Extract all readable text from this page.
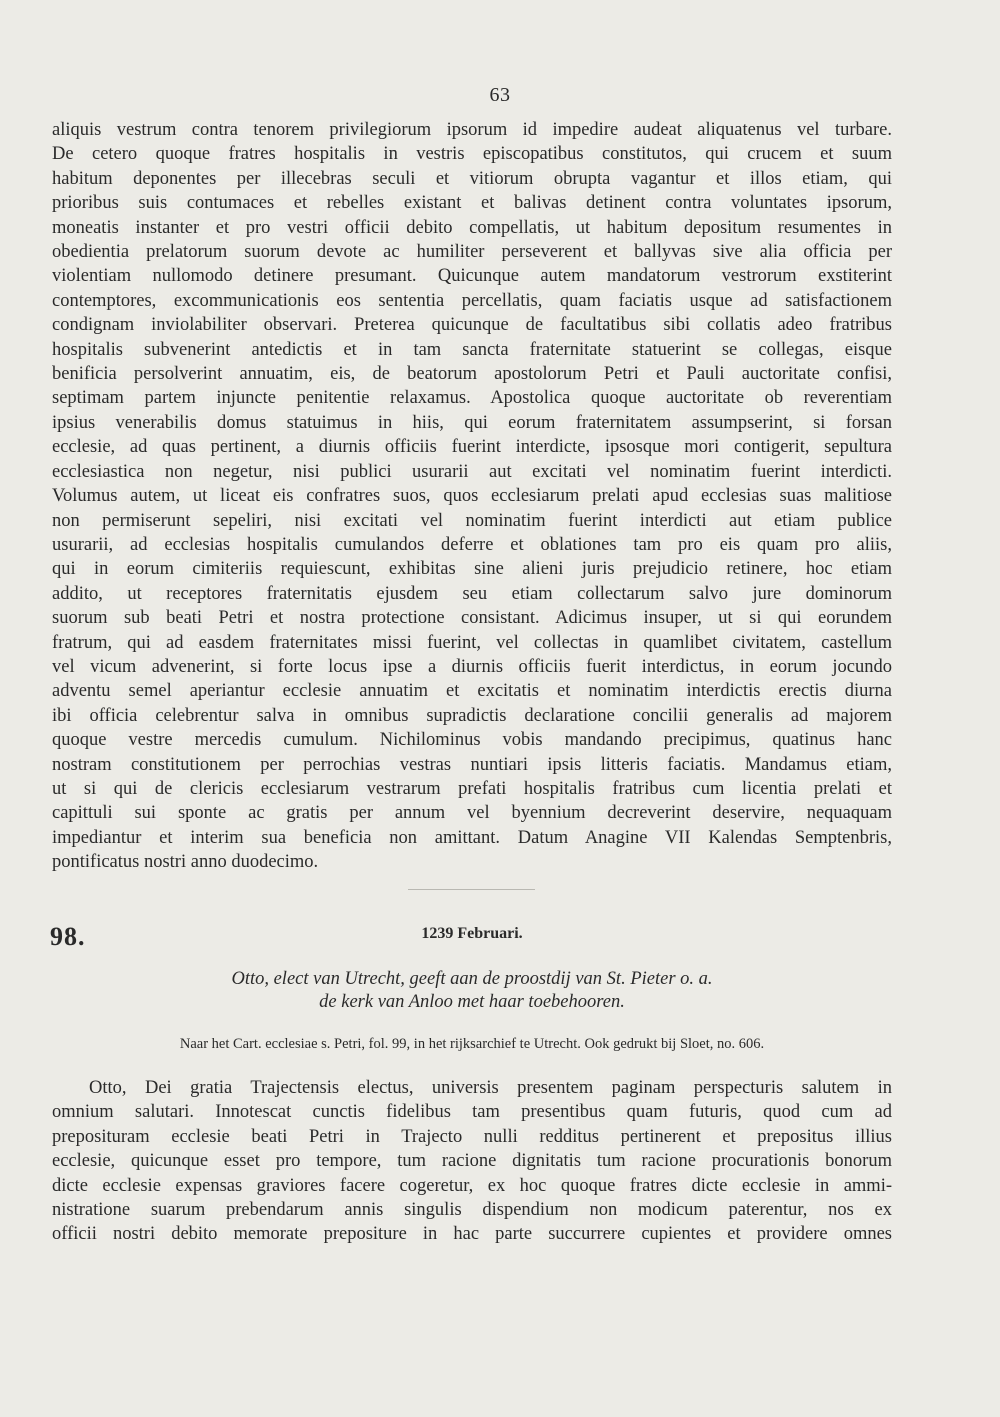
63
aliquis vestrum contra tenorem privilegiorum ipsorum id impedire audeat aliquatenus vel turbare.
De cetero quoque fratres hospitalis in vestris episcopatibus constitutos, qui crucem et suum
habitum deponentes per illecebras seculi et vitiorum obrupta vagantur et illos etiam, qui
prioribus suis contumaces et rebelles existant et balivas detinent contra voluntates ipsorum,
moneatis instanter et pro vestri officii debito compellatis, ut habitum depositum resumentes in
obedientia prelatorum suorum devote ac humiliter perseverent et ballyvas sive alia officia per
violentiam nullomodo detinere presumant. Quicunque autem mandatorum vestrorum exstiterint
contemptores, excommunicationis eos sententia percellatis, quam faciatis usque ad satisfactionem
condignam inviolabiliter observari. Preterea quicunque de facultatibus sibi collatis adeo fratribus
hospitalis subvenerint antedictis et in tam sancta fraternitate statuerint se collegas, eisque
benificia persolverint annuatim, eis, de beatorum apostolorum Petri et Pauli auctoritate confisi,
septimam partem injuncte penitentie relaxamus. Apostolica quoque auctoritate ob reverentiam
ipsius venerabilis domus statuimus in hiis, qui eorum fraternitatem assumpserint, si forsan
ecclesie, ad quas pertinent, a diurnis officiis fuerint interdicte, ipsosque mori contigerit, sepultura
ecclesiastica non negetur, nisi publici usurarii aut excitati vel nominatim fuerint interdicti.
Volumus autem, ut liceat eis confratres suos, quos ecclesiarum prelati apud ecclesias suas malitiose
non permiserunt sepeliri, nisi excitati vel nominatim fuerint interdicti aut etiam publice
usurarii, ad ecclesias hospitalis cumulandos deferre et oblationes tam pro eis quam pro aliis,
qui in eorum cimiteriis requiescunt, exhibitas sine alieni juris prejudicio retinere, hoc etiam
addito, ut receptores fraternitatis ejusdem seu etiam collectarum salvo jure dominorum
suorum sub beati Petri et nostra protectione consistant. Adicimus insuper, ut si qui eorundem
fratrum, qui ad easdem fraternitates missi fuerint, vel collectas in quamlibet civitatem, castellum
vel vicum advenerint, si forte locus ipse a diurnis officiis fuerit interdictus, in eorum jocundo
adventu semel aperiantur ecclesie annuatim et excitatis et nominatim interdictis erectis diurna
ibi officia celebrentur salva in omnibus supradictis declaratione concilii generalis ad majorem
quoque vestre mercedis cumulum. Nichilominus vobis mandando precipimus, quatinus hanc
nostram constitutionem per perrochias vestras nuntiari ipsis litteris faciatis. Mandamus etiam,
ut si qui de clericis ecclesiarum vestrarum prefati hospitalis fratribus cum licentia prelati et
capittuli sui sponte ac gratis per annum vel byennium decreverint deservire, nequaquam
impediantur et interim sua beneficia non amittant. Datum Anagine VII Kalendas Semptenbris,
pontificatus nostri anno duodecimo.
98.	1239 Februari.
Otto, elect van Utrecht, geeft aan de proostdij van St. Pieter o. a.
de kerk van Anloo met haar toebehooren.
Naar het Cart. ecclesiae s. Petri, fol. 99, in het rijksarchief te Utrecht. Ook gedrukt bij Sloet, no. 606.
Otto, Dei gratia Trajectensis electus, universis presentem paginam perspecturis salutem in
omnium salutari. Innotescat cunctis fidelibus tam presentibus quam futuris, quod cum ad
preposituram ecclesie beati Petri in Trajecto nulli redditus pertinerent et prepositus illius
ecclesie, quicunque esset pro tempore, tum racione dignitatis tum racione procurationis bonorum
dicte ecclesie expensas graviores facere cogeretur, ex hoc quoque fratres dicte ecclesie in ammi-
nistratione suarum prebendarum annis singulis dispendium non modicum paterentur, nos ex
officii nostri debito memorate prepositure in hac parte succurrere cupientes et providere omnes
